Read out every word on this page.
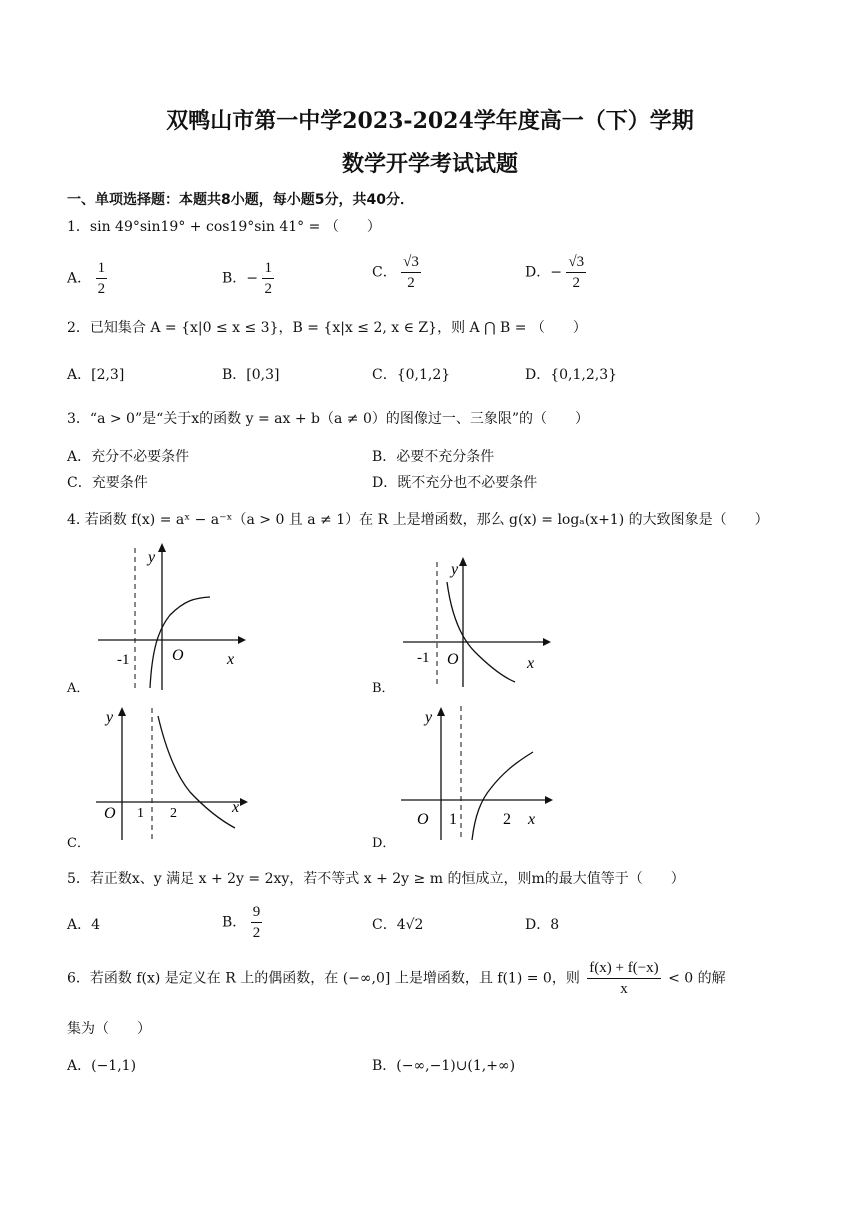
双鸭山市第一中学2023-2024学年度高一（下）学期
数学开学考试试题
一、单项选择题：本题共8小题，每小题5分，共40分．
1．sin 49°sin19° + cos19°sin 41° = （　　）
A． $\frac{1}{2}$	B．− $\frac{1}{2}$	C． $\frac{√3}{2}$	D．− $\frac{√3}{2}$
2．已知集合 A = {x|0 ≤ x ≤ 3}，B = {x|x ≤ 2, x ∈ Z}，则 A ⋂ B = （　　）
A．[2,3]	B．[0,3]	C．{0,1,2}	D．{0,1,2,3}
3．“a > 0”是“关于x的函数 y = ax + b（a ≠ 0）的图像过一、三象限”的（　　）
A．充分不必要条件	B．必要不充分条件
C．充要条件	D．既不充分也不必要条件
4. 若函数 f(x) = aˣ − a⁻ˣ（a > 0 且 a ≠ 1）在 R 上是增函数，那么 g(x) = logₐ(x+1) 的大致图象是（　　）
y
x
O
-1
A．
y
x
O
-1
B．
y
x
O 1 2
C．
y
x
O 1	2
D．
5．若正数x、y 满足 x + 2y = 2xy，若不等式 x + 2y ≥ m 的恒成立，则m的最大值等于（　　）
A．4	B． $\frac{9}{2}$	C．4√2	D．8
6．若函数 f(x) 是定义在 R 上的偶函数，在 (−∞,0] 上是增函数，且 f(1) = 0，则 $\frac{f(x) + f(-x)}{x} < 0$ 的解
集为（　　）
A．(−1,1)	B．(−∞,−1)∪(1,+∞)
